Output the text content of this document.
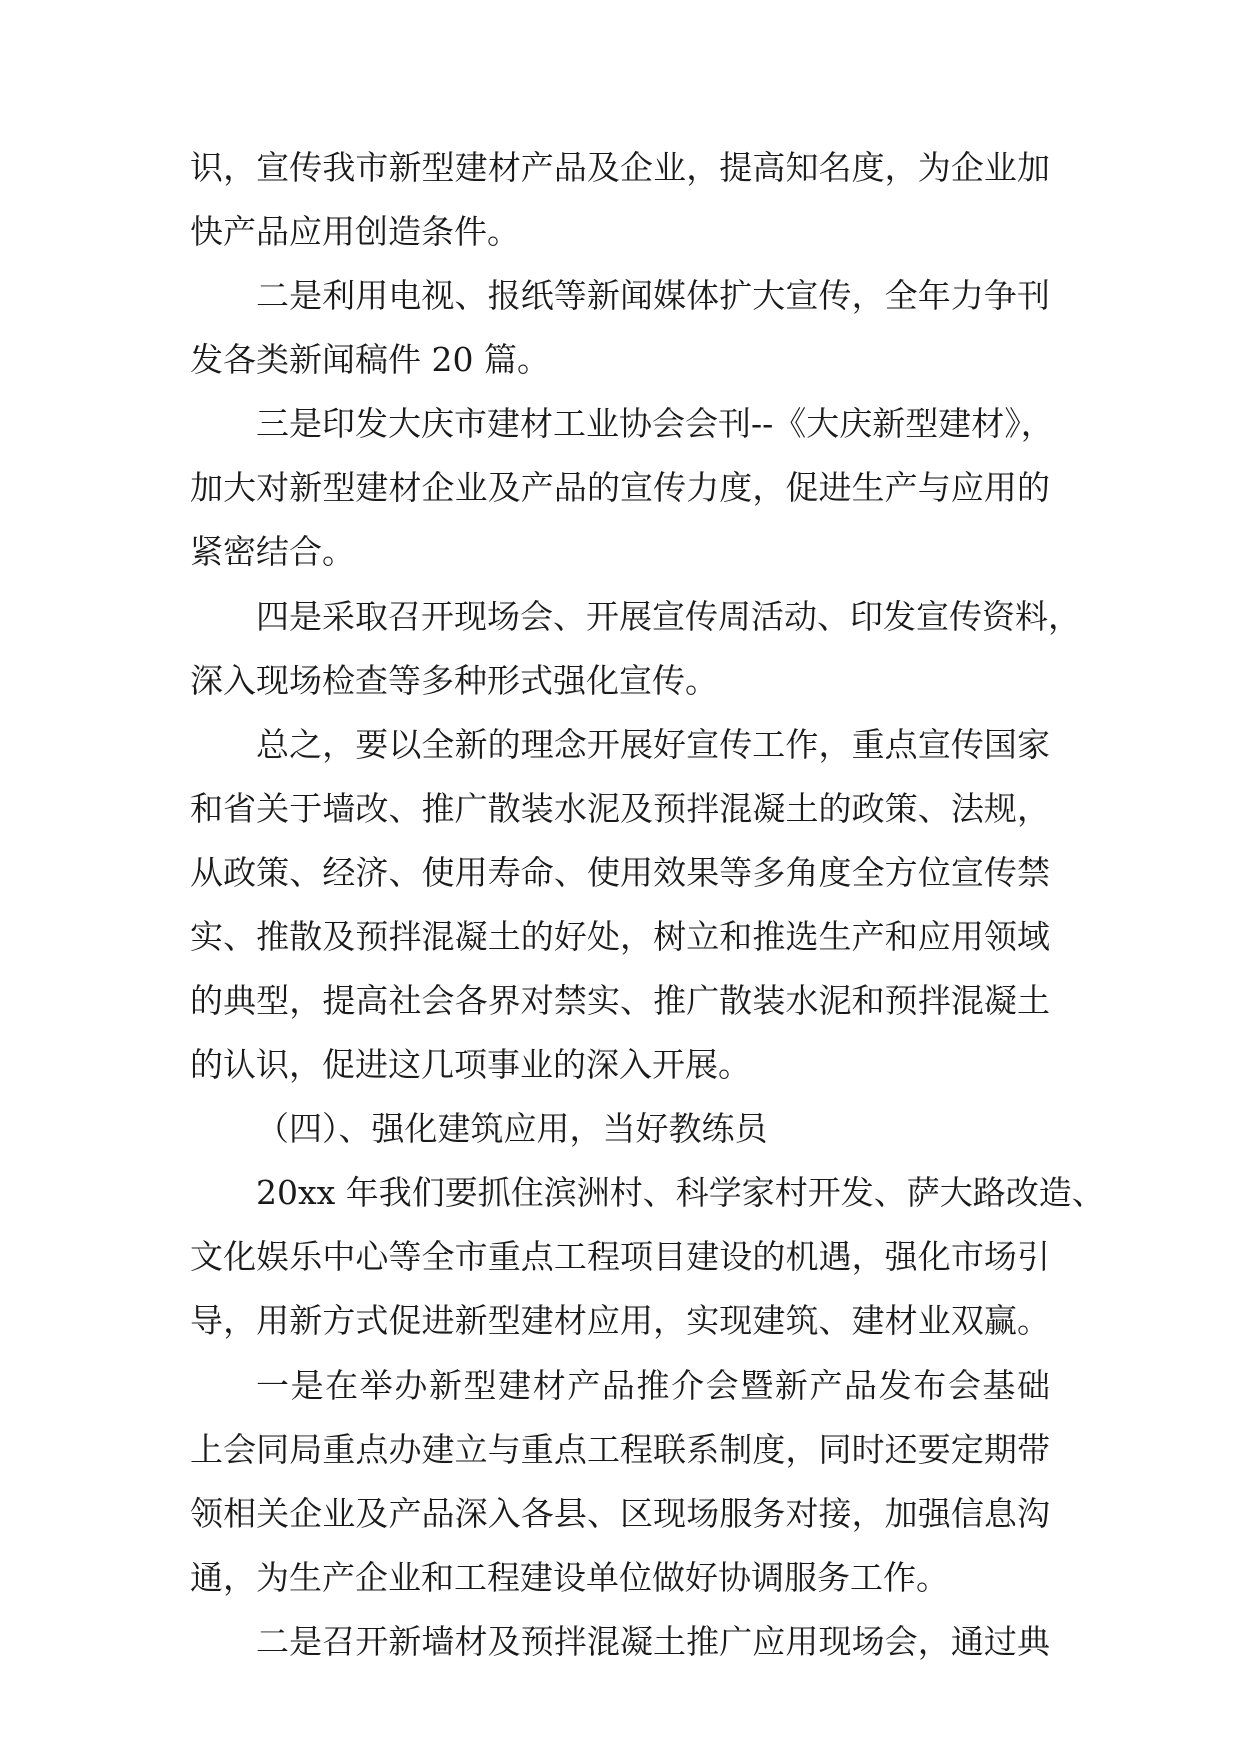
识，宣传我市新型建材产品及企业，提高知名度，为企业加
快产品应用创造条件。
二是利用电视、报纸等新闻媒体扩大宣传，全年力争刊
发各类新闻稿件 20 篇。
三是印发大庆市建材工业协会会刊--《大庆新型建材》，
加大对新型建材企业及产品的宣传力度，促进生产与应用的
紧密结合。
四是采取召开现场会、开展宣传周活动、印发宣传资料，
深入现场检查等多种形式强化宣传。
总之，要以全新的理念开展好宣传工作，重点宣传国家
和省关于墙改、推广散装水泥及预拌混凝土的政策、法规，
从政策、经济、使用寿命、使用效果等多角度全方位宣传禁
实、推散及预拌混凝土的好处，树立和推选生产和应用领域
的典型，提高社会各界对禁实、推广散装水泥和预拌混凝土
的认识，促进这几项事业的深入开展。
（四）、强化建筑应用，当好教练员
20xx 年我们要抓住滨洲村、科学家村开发、萨大路改造、
文化娱乐中心等全市重点工程项目建设的机遇，强化市场引
导，用新方式促进新型建材应用，实现建筑、建材业双赢。
一是在举办新型建材产品推介会暨新产品发布会基础
上会同局重点办建立与重点工程联系制度，同时还要定期带
领相关企业及产品深入各县、区现场服务对接，加强信息沟
通，为生产企业和工程建设单位做好协调服务工作。
二是召开新墙材及预拌混凝土推广应用现场会，通过典
